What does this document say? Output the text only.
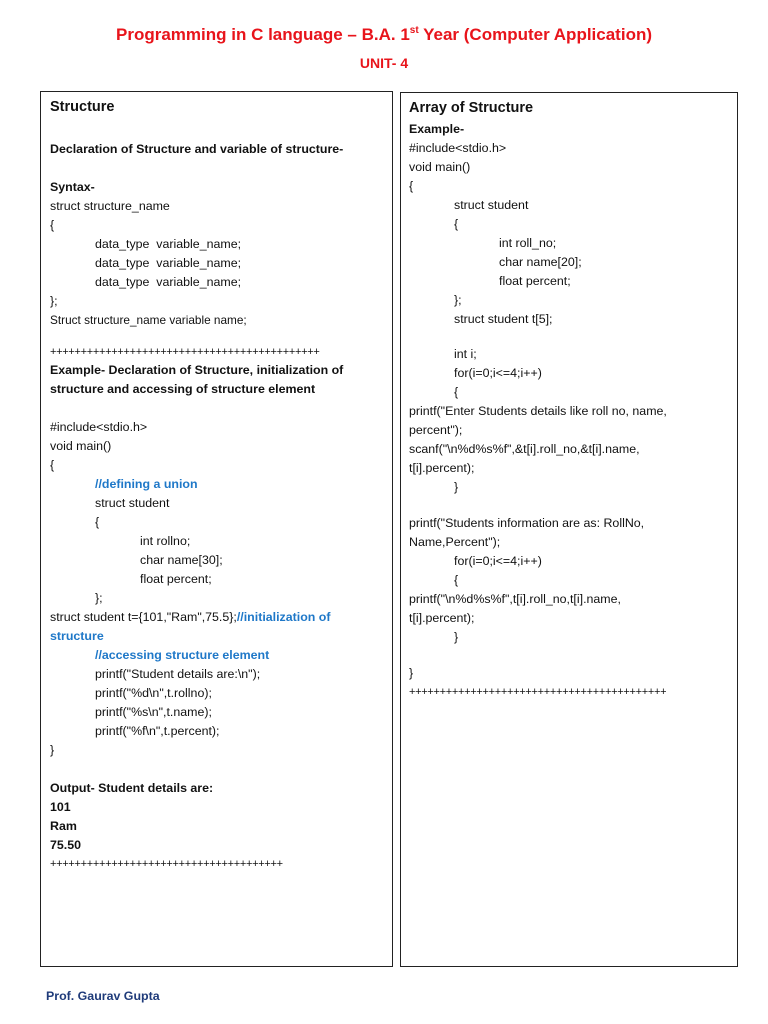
Programming in C language – B.A. 1st Year (Computer Application)
UNIT- 4
Structure
Declaration of Structure and variable of structure-
Syntax-
struct structure_name
{
data_type  variable_name;
data_type  variable_name;
data_type  variable_name;
};
Struct structure_name variable name;
++++++++++++++++++++++++++++++++++++++++++++
Example- Declaration of Structure, initialization of
structure and accessing of structure element
#include<stdio.h>
void main()
{
//defining a union
struct student
{
int rollno;
char name[30];
float percent;
};
struct student t={101,"Ram",75.5};//initialization of
structure
//accessing structure element
printf("Student details are:\n");
printf("%d\n",t.rollno);
printf("%s\n",t.name);
printf("%f\n",t.percent);
}
Output- Student details are:
101
Ram
75.50
++++++++++++++++++++++++++++++++++++++
Array of Structure
Example-
#include<stdio.h>
void main()
{
struct student
{
int roll_no;
char name[20];
float percent;
};
struct student t[5];
int i;
for(i=0;i<=4;i++)
{
printf("Enter Students details like roll no, name,
percent");
scanf("\n%d%s%f",&t[i].roll_no,&t[i].name,
t[i].percent);
}
printf("Students information are as: RollNo,
Name,Percent");
for(i=0;i<=4;i++)
{
printf("\n%d%s%f",t[i].roll_no,t[i].name,
t[i].percent);
}
}
++++++++++++++++++++++++++++++++++++++++++
Prof. Gaurav Gupta
